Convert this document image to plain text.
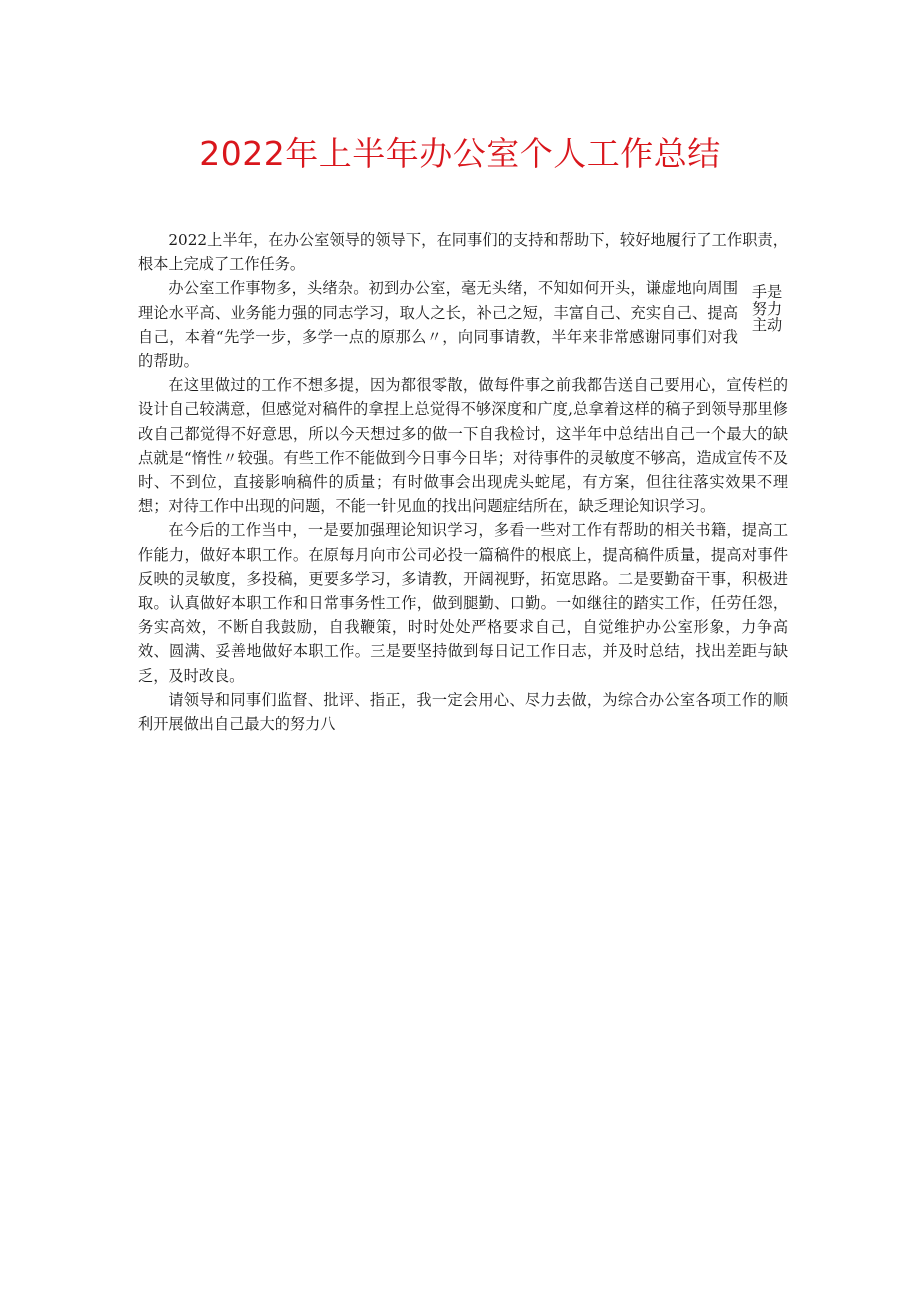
2022年上半年办公室个人工作总结

2022上半年，在办公室领导的领导下，在同事们的支持和帮助下，较好地履行了工作职责，根本上完成了工作任务。

办公室工作事物多，头绪杂。初到办公室，毫无头绪，不知如何开头，谦虚地向周围理论水平高、业务能力强的同志学习，取人之长，补己之短，丰富自己、充实自己、提高自己，本着“先学一步，多学一点的原那么〃，向同事请教，半年来非常感谢同事们对我的帮助。

在这里做过的工作不想多提，因为都很零散，做每件事之前我都告送自己要用心，宣传栏的设计自己较满意，但感觉对稿件的拿捏上总觉得不够深度和广度,总拿着这样的稿子到领导那里修改自己都觉得不好意思，所以今天想过多的做一下自我检讨，这半年中总结出自己一个最大的缺点就是“惰性〃较强。有些工作不能做到今日事今日毕；对待事件的灵敏度不够高，造成宣传不及时、不到位，直接影响稿件的质量；有时做事会出现虎头蛇尾，有方案，但往往落实效果不理想；对待工作中出现的问题，不能一针见血的找出问题症结所在，缺乏理论知识学习。

在今后的工作当中，一是要加强理论知识学习，多看一些对工作有帮助的相关书籍，提高工作能力，做好本职工作。在原每月向市公司必投一篇稿件的根底上，提高稿件质量，提高对事件反映的灵敏度，多投稿，更要多学习，多请教，开阔视野，拓宽思路。二是要勤奋干事，积极进取。认真做好本职工作和日常事务性工作，做到腿勤、口勤。一如继往的踏实工作，任劳任怨，务实高效，不断自我鼓励，自我鞭策，时时处处严格要求自己，自觉维护办公室形象，力争高效、圆满、妥善地做好本职工作。三是要坚持做到每日记工作日志，并及时总结，找出差距与缺乏，及时改良。

请领导和同事们监督、批评、指正，我一定会用心、尽力去做，为综合办公室各项工作的顺利开展做出自己最大的努力八

手是
努力
主动
